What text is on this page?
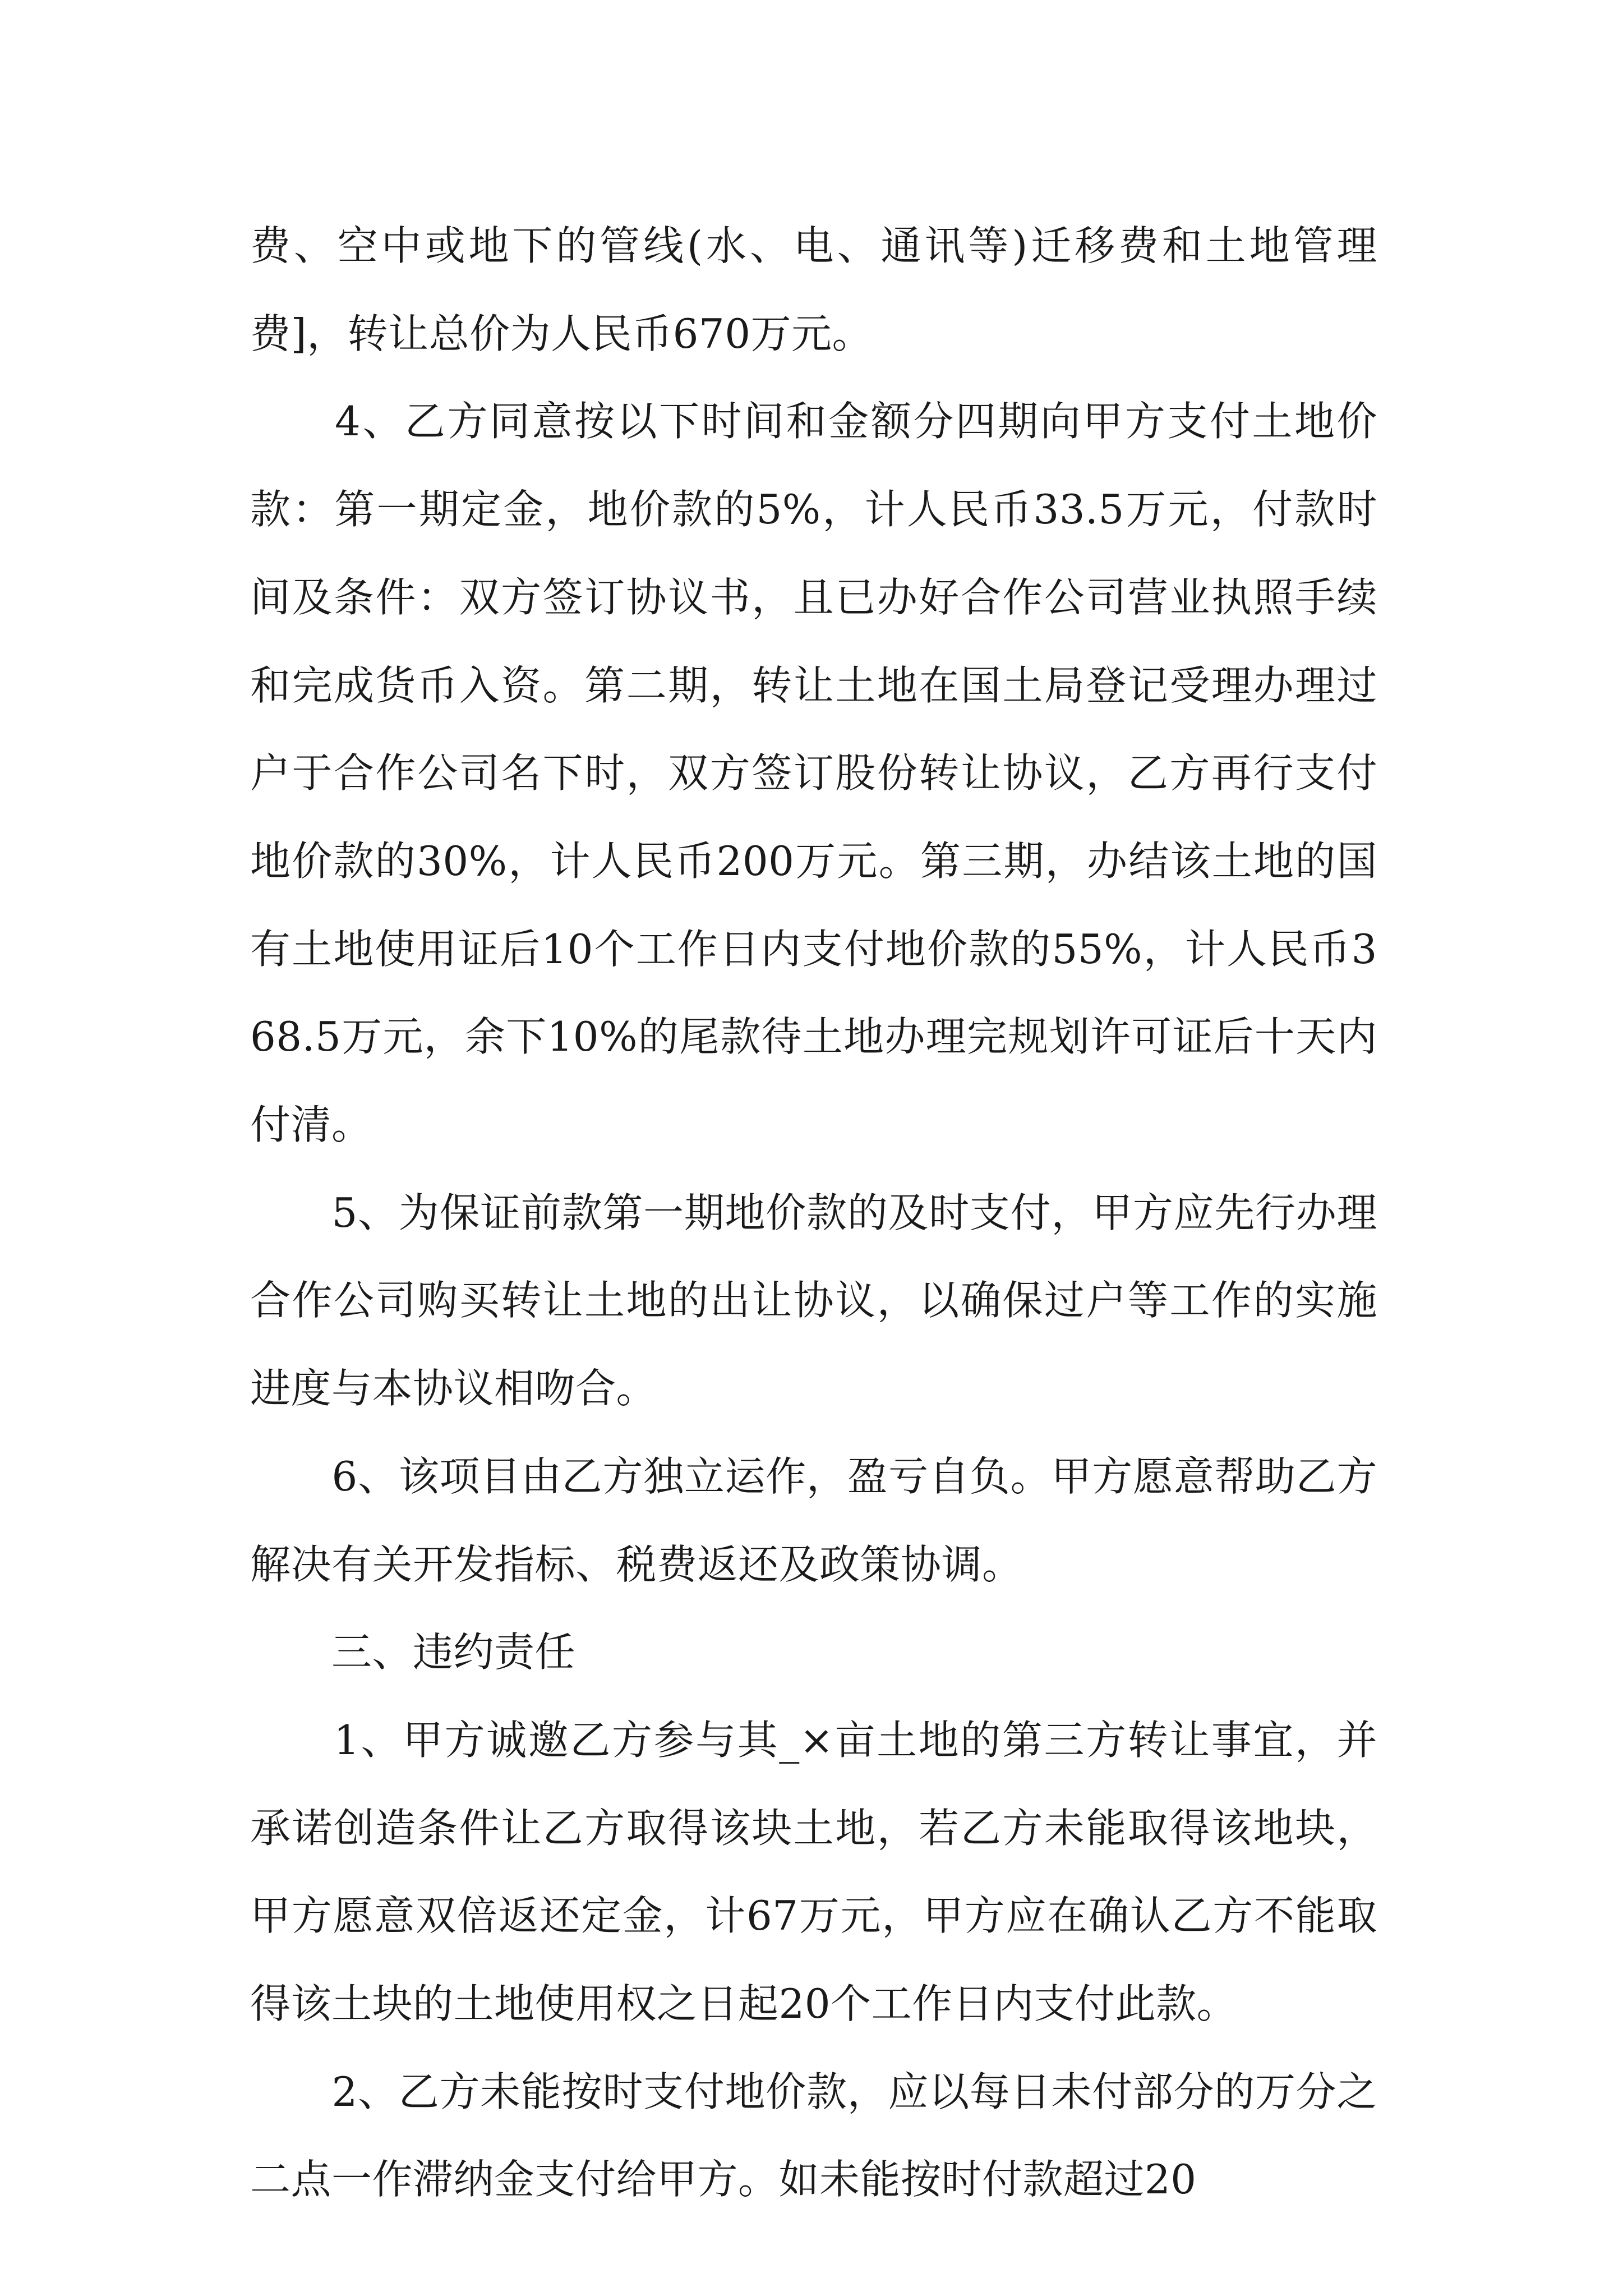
费、空中或地下的管线(水、电、通讯等)迁移费和土地管理费]，转让总价为人民币670万元。

　　4、乙方同意按以下时间和金额分四期向甲方支付土地价款：第一期定金，地价款的5%，计人民币33.5万元，付款时间及条件：双方签订协议书，且已办好合作公司营业执照手续和完成货币入资。第二期，转让土地在国土局登记受理办理过户于合作公司名下时，双方签订股份转让协议，乙方再行支付地价款的30%，计人民币200万元。第三期，办结该土地的国有土地使用证后10个工作日内支付地价款的55%，计人民币368.5万元，余下10%的尾款待土地办理完规划许可证后十天内付清。

　　5、为保证前款第一期地价款的及时支付，甲方应先行办理合作公司购买转让土地的出让协议，以确保过户等工作的实施进度与本协议相吻合。

　　6、该项目由乙方独立运作，盈亏自负。甲方愿意帮助乙方解决有关开发指标、税费返还及政策协调。

　　三、违约责任

　　1、甲方诚邀乙方参与其_×亩土地的第三方转让事宜，并承诺创造条件让乙方取得该块土地，若乙方未能取得该地块，甲方愿意双倍返还定金，计67万元，甲方应在确认乙方不能取得该土块的土地使用权之日起20个工作日内支付此款。

　　2、乙方未能按时支付地价款，应以每日未付部分的万分之二点一作滞纳金支付给甲方。如未能按时付款超过20
